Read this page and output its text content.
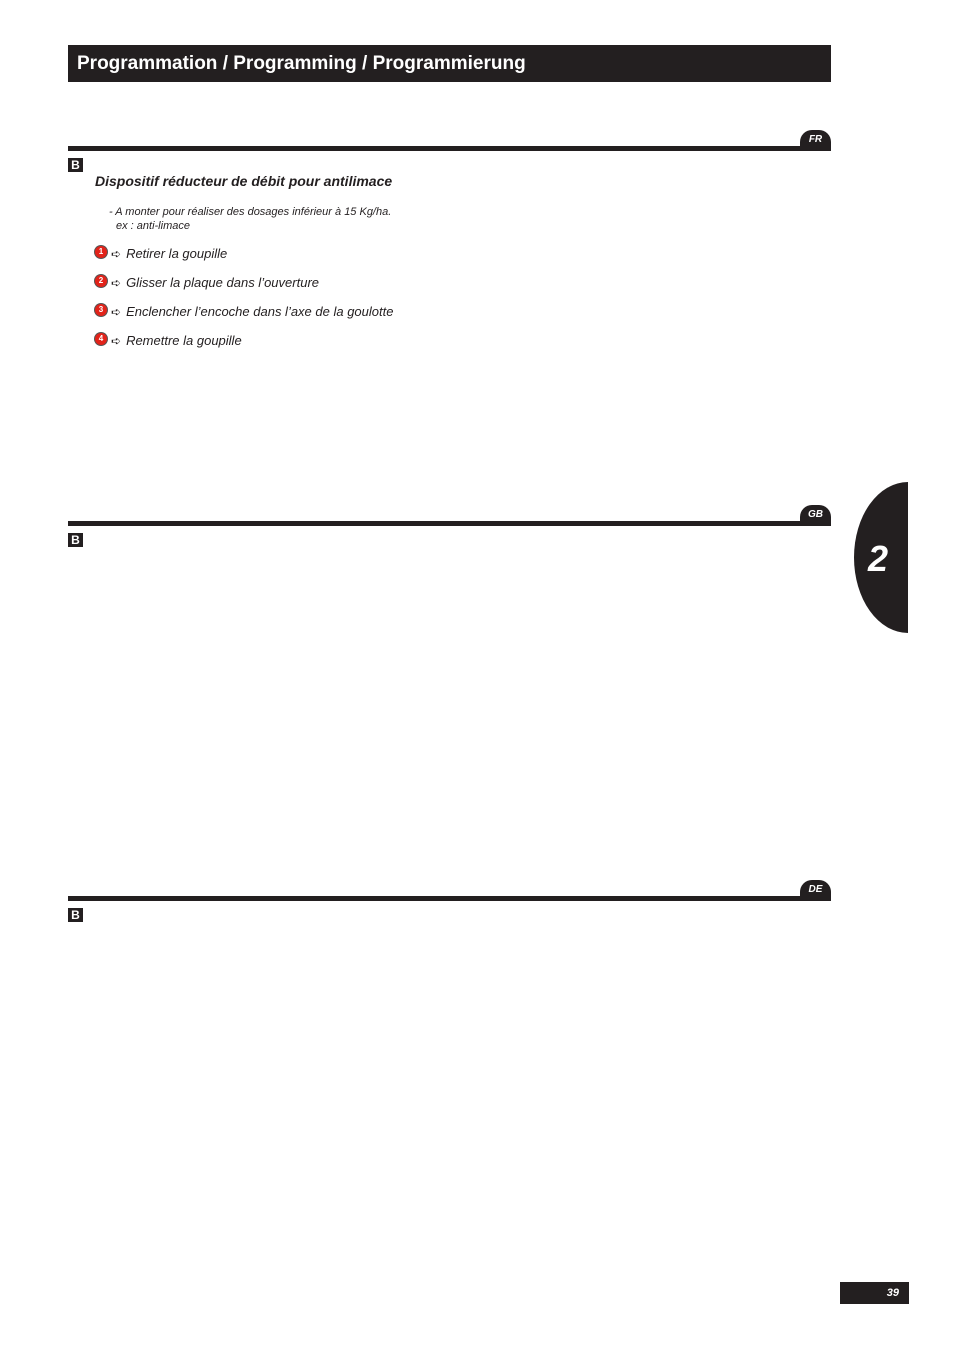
Programmation / Programming / Programmierung
FR
B
Dispositif réducteur de débit pour antilimace
- A monter pour réaliser des dosages inférieur à 15 Kg/ha.
ex : anti-limace
1 ➪ Retirer la goupille
2 ➪ Glisser la plaque dans l’ouverture
3 ➪ Enclencher l’encoche dans l’axe de la goulotte
4 ➪ Remettre la goupille
GB
B
DE
B
2
39
